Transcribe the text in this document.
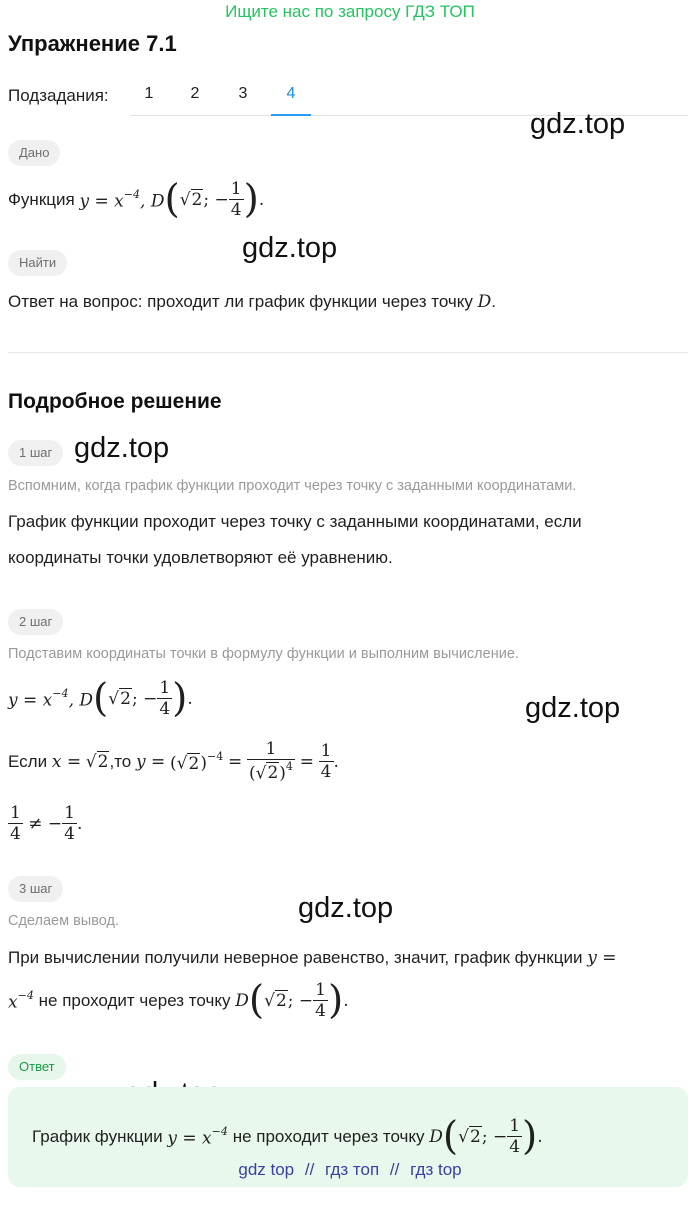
Ищите нас по запросу ГДЗ ТОП
Упражнение 7.1
Подзадания:	1	2	3	4
gdz.top
gdz.top
gdz.top
gdz.top
gdz.top
Дано
Функция
$y = x^{-4}$, D ( √2 ; − $\frac{1}{4}$ ) .
Найти
Ответ на вопрос: проходит ли график функции через точку D.
Подробное решение
1 шаг
Вспомним, когда график функции проходит через точку с заданными координатами.
График функции проходит через точку с заданными координатами, если
координаты точки удовлетворяют её уравнению.
2 шаг
Подставим координаты точки в формулу функции и выполним вычисление.
$y = x^{-4}$, D ( √2 ; − $\frac{1}{4}$ ) .
Если
x =
√2 , то
y =
$(√2)^{-4}$
=
$\frac{1}{(√2)^4}$
=
$\frac{1}{4}$ .
$\frac{1}{4}$ ≠ − $\frac{1}{4}$ .
3 шаг
Сделаем вывод.
При вычислении получили неверное равенство, значит, график функции y =
$x^{-4}$
не проходит через точку
D ( √2 ; − $\frac{1}{4}$ ) .
Ответ
График функции
$y = x^{-4}$
не проходит через точку
D ( √2 ; − $\frac{1}{4}$ ) .
gdz top // гдз топ // гдз top
